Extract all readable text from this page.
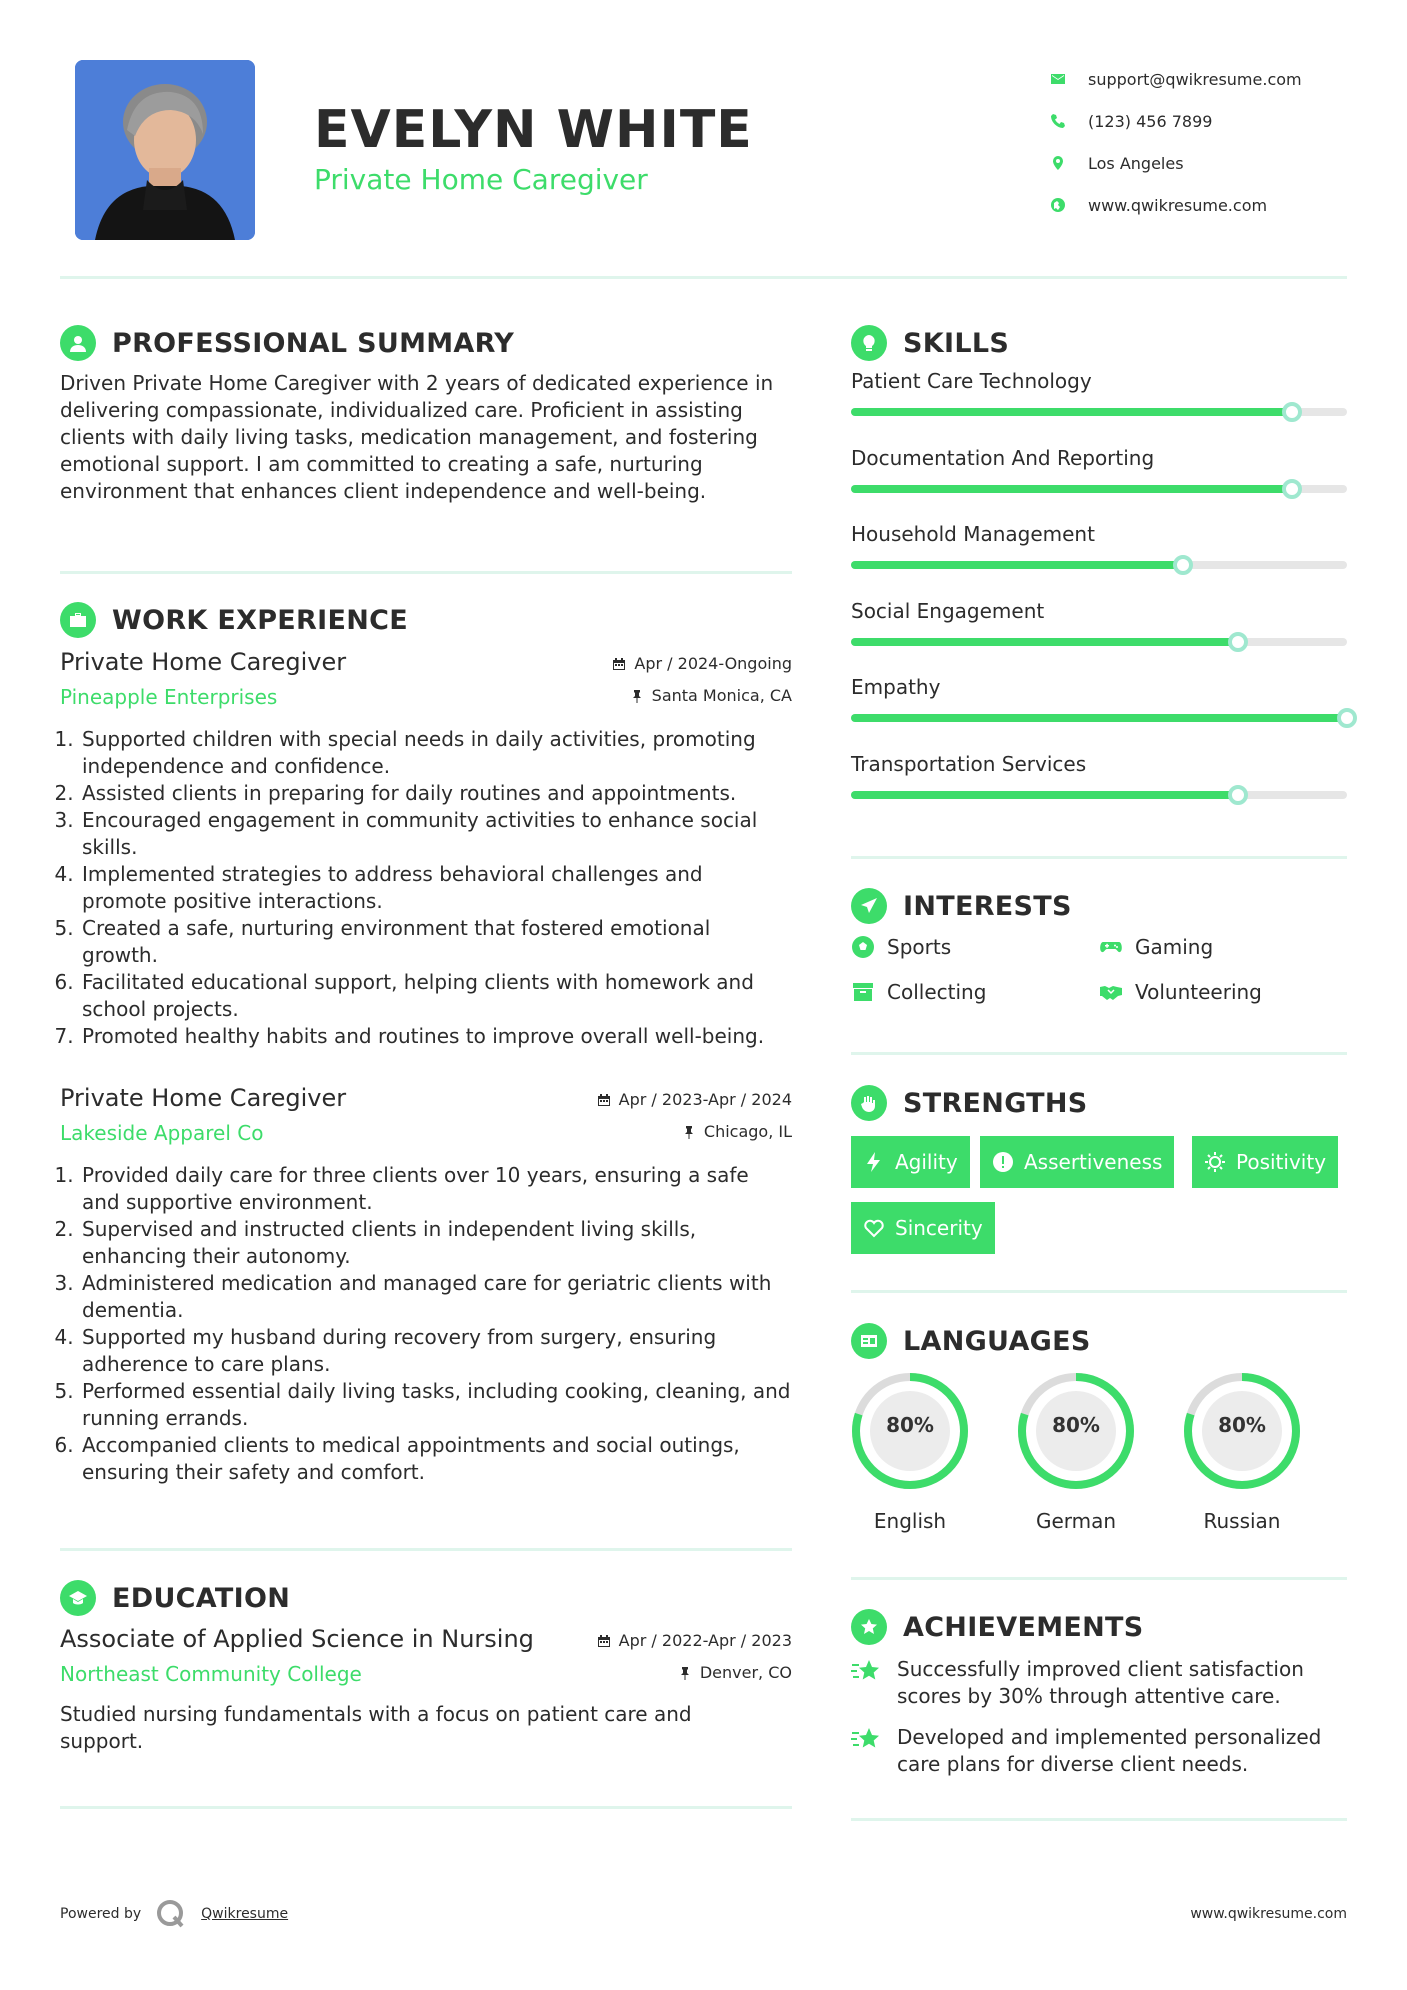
EVELYN WHITE
Private Home Caregiver
support@qwikresume.com
(123) 456 7899
Los Angeles
www.qwikresume.com
PROFESSIONAL SUMMARY
Driven Private Home Caregiver with 2 years of dedicated experience in delivering compassionate, individualized care. Proficient in assisting clients with daily living tasks, medication management, and fostering emotional support. I am committed to creating a safe, nurturing environment that enhances client independence and well-being.
WORK EXPERIENCE
Private Home Caregiver
Pineapple Enterprises
Apr / 2024-Ongoing
Santa Monica, CA
1. Supported children with special needs in daily activities, promoting independence and confidence.
2. Assisted clients in preparing for daily routines and appointments.
3. Encouraged engagement in community activities to enhance social skills.
4. Implemented strategies to address behavioral challenges and promote positive interactions.
5. Created a safe, nurturing environment that fostered emotional growth.
6. Facilitated educational support, helping clients with homework and school projects.
7. Promoted healthy habits and routines to improve overall well-being.
Private Home Caregiver
Lakeside Apparel Co
Apr / 2023-Apr / 2024
Chicago, IL
1. Provided daily care for three clients over 10 years, ensuring a safe and supportive environment.
2. Supervised and instructed clients in independent living skills, enhancing their autonomy.
3. Administered medication and managed care for geriatric clients with dementia.
4. Supported my husband during recovery from surgery, ensuring adherence to care plans.
5. Performed essential daily living tasks, including cooking, cleaning, and running errands.
6. Accompanied clients to medical appointments and social outings, ensuring their safety and comfort.
EDUCATION
Associate of Applied Science in Nursing
Northeast Community College
Apr / 2022-Apr / 2023
Denver, CO
Studied nursing fundamentals with a focus on patient care and support.
SKILLS
Patient Care Technology
Documentation And Reporting
Household Management
Social Engagement
Empathy
Transportation Services
INTERESTS
Sports	Gaming
Collecting	Volunteering
STRENGTHS
Agility	Assertiveness	Positivity
Sincerity
LANGUAGES
80%
English
80%
German
80%
Russian
ACHIEVEMENTS
Successfully improved client satisfaction scores by 30% through attentive care.
Developed and implemented personalized care plans for diverse client needs.
Powered by	Qwikresume	www.qwikresume.com
